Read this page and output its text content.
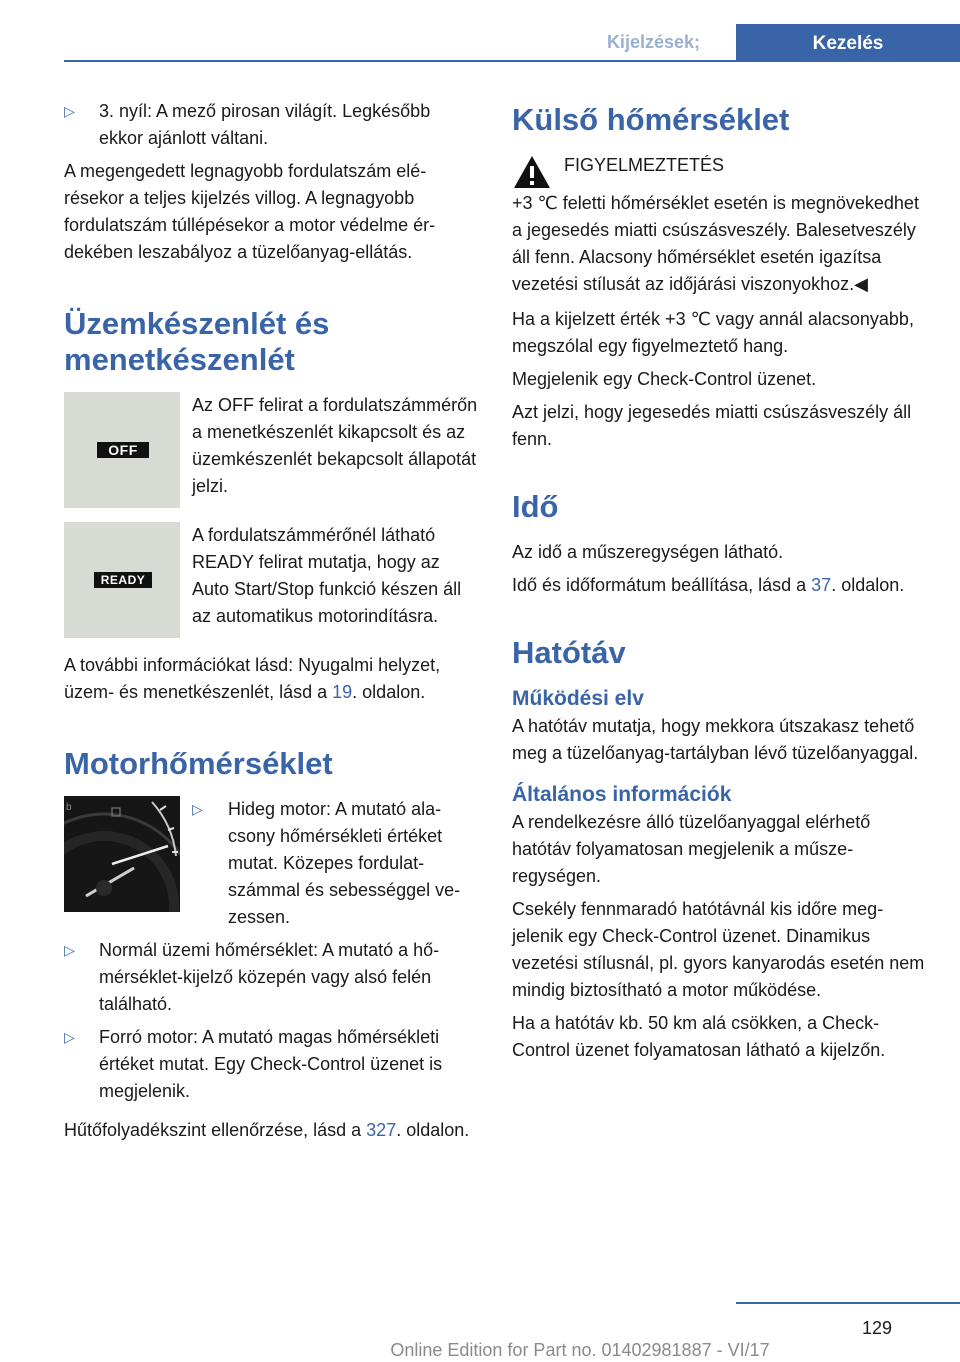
Kijelzések;	Kezelés
▷ 3. nyíl: A mező pirosan világít. Legkésőbb ekkor ajánlott váltani.

A megengedett legnagyobb fordulatszám elérésekor a teljes kijelzés villog. A legnagyobb fordulatszám túllépésekor a motor védelme érdekében leszabályoz a tüzelőanyag-ellátás.

Üzemkészenlét és menetkészenlét
OFF
Az OFF felirat a fordulatszámmérőn a menetkészenlét kikapcsolt és az üzemkészenlét bekapcsolt állapotát jelzi.
READY
A fordulatszámmérőnél látható READY felirat mutatja, hogy az Auto Start/Stop funkció készen áll az automatikus motorindításra.

A további információkat lásd: Nyugalmi helyzet, üzem- és menetkészenlét, lásd a 19. oldalon.

Motorhőmérséklet
b	▷ Hideg motor: A mutató alacsony hőmérsékleti értéket mutat. Közepes fordulatszámmal és sebességgel vezessen.
▷ Normál üzemi hőmérséklet: A mutató a hőmérséklet-kijelző közepén vagy alsó felén található.
▷ Forró motor: A mutató magas hőmérsékleti értéket mutat. Egy Check-Control üzenet is megjelenik.

Hűtőfolyadékszint ellenőrzése, lásd a 327. oldalon.

Külső hőmérséklet
FIGYELMEZTETÉS

+3 ℃ feletti hőmérséklet esetén is megnövekedhet a jegesedés miatti csúszásveszély. Balesetveszély áll fenn. Alacsony hőmérséklet esetén igazítsa vezetési stílusát az időjárási viszonyokhoz.◀

Ha a kijelzett érték +3 ℃ vagy annál alacsonyabb, megszólal egy figyelmeztető hang.

Megjelenik egy Check-Control üzenet.

Azt jelzi, hogy jegesedés miatti csúszásveszély áll fenn.

Idő

Az idő a műszeregységen látható.

Idő és időformátum beállítása, lásd a 37. oldalon.

Hatótáv
Működési elv

A hatótáv mutatja, hogy mekkora útszakasz tehető meg a tüzelőanyag-tartályban lévő tüzelőanyaggal.

Általános információk

A rendelkezésre álló tüzelőanyaggal elérhető hatótáv folyamatosan megjelenik a műszeregységen.

Csekély fennmaradó hatótávnál kis időre megjelenik egy Check-Control üzenet. Dinamikus vezetési stílusnál, pl. gyors kanyarodás esetén nem mindig biztosítható a motor működése.

Ha a hatótáv kb. 50 km alá csökken, a Check-Control üzenet folyamatosan látható a kijelzőn.

129
Online Edition for Part no. 01402981887 - VI/17
